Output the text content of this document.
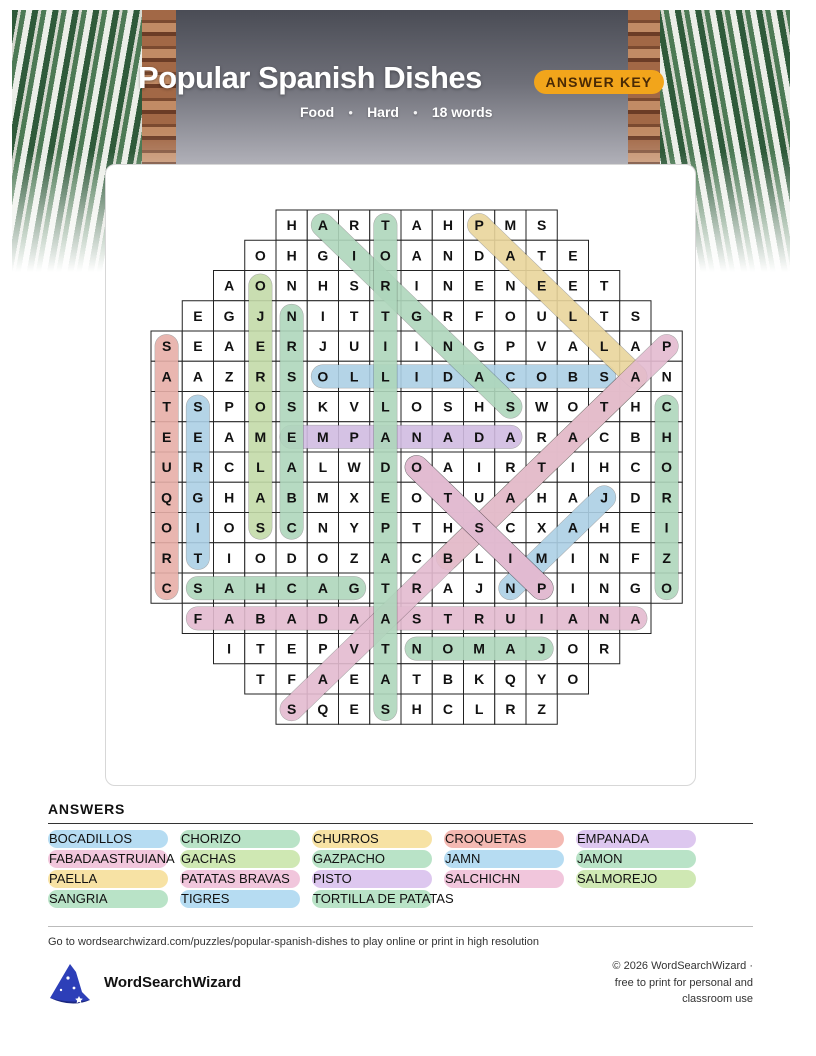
Popular Spanish Dishes	ANSWER KEY
Food ● Hard ● 18 words
H A R T A H P M S
O H G I O A N D A T E
A O N H S R I N E N E E T
E G J N I T T G R F O U L T S
S E A E R J U I I N G P V A L A P
A A Z R S O L L I D A C O B S A N
T S P O S K V L O S H S W O T H C
E E A M E M P A N A D A R A C B H
U R C L A L W D O A I R T I H C O
Q G H A B M X E O T U A H A J D R
O I O S C N Y P T H S C X A H E I
R T I O D O Z A C B L I M I N F Z
C S A H C A G T R A J N P I N G O
F A B A D A A S T R U I A N A
I T E P V T N O M A J O R
T F A E A T B K Q Y O
S Q E S H C L R Z
ANSWERS
BOCADILLOS	CHORIZO	CHURROS	CROQUETAS	EMPANADA
FABADAASTRUIANA GACHAS	GAZPACHO	JAMN	JAMON
PAELLA	PATATAS BRAVAS	PISTO	SALCHICHN	SALMOREJO
SANGRIA	TIGRES	TORTILLA DE PATATAS
Go to wordsearchwizard.com/puzzles/popular-spanish-dishes to play online or print in high resolution
WordSearchWizard
© 2026 WordSearchWizard ·
free to print for personal and
classroom use
